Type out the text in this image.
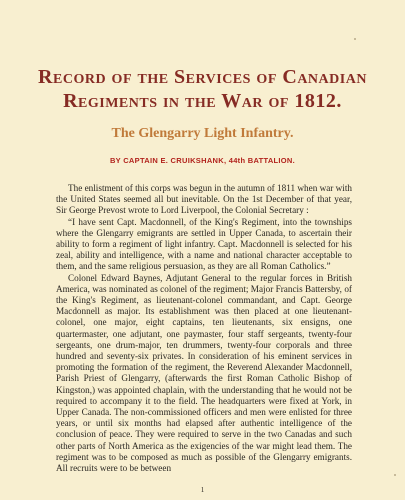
Record of the Services of Canadian
Regiments in the War of 1812.
The Glengarry Light Infantry.
BY CAPTAIN E. CRUIKSHANK, 44th BATTALION.

The enlistment of this corps was begun in the autumn of 1811 when war with the United States seemed all but inevitable. On the 1st December of that year, Sir George Prevost wrote to Lord Liverpool, the Colonial Secretary :

“I have sent Capt. Macdonnell, of the King's Regiment, into the townships where the Glengarry emigrants are settled in Upper Canada, to ascertain their ability to form a regiment of light infantry. Capt. Macdonnell is selected for his zeal, ability and intelligence, with a name and national character acceptable to them, and the same religious persuasion, as they are all Roman Catholics.”

Colonel Edward Baynes, Adjutant General to the regular forces in British America, was nominated as colonel of the regiment; Major Francis Battersby, of the King's Regiment, as lieutenant-colonel commandant, and Capt. George Macdonnell as major. Its establishment was then placed at one lieutenant-colonel, one major, eight captains, ten lieutenants, six ensigns, one quartermaster, one adjutant, one paymaster, four staff sergeants, twenty-four sergeants, one drum-major, ten drummers, twenty-four corporals and three hundred and seventy-six privates. In consideration of his eminent services in promoting the formation of the regiment, the Reverend Alexander Macdonnell, Parish Priest of Glengarry, (afterwards the first Roman Catholic Bishop of Kingston,) was appointed chaplain, with the understanding that he would not be required to accompany it to the field. The headquarters were fixed at York, in Upper Canada. The non-commissioned officers and men were enlisted for three years, or until six months had elapsed after authentic intelligence of the conclusion of peace. They were required to serve in the two Canadas and such other parts of North America as the exigencies of the war might lead them. The regiment was to be composed as much as possible of the Glengarry emigrants. All recruits were to be between

1
